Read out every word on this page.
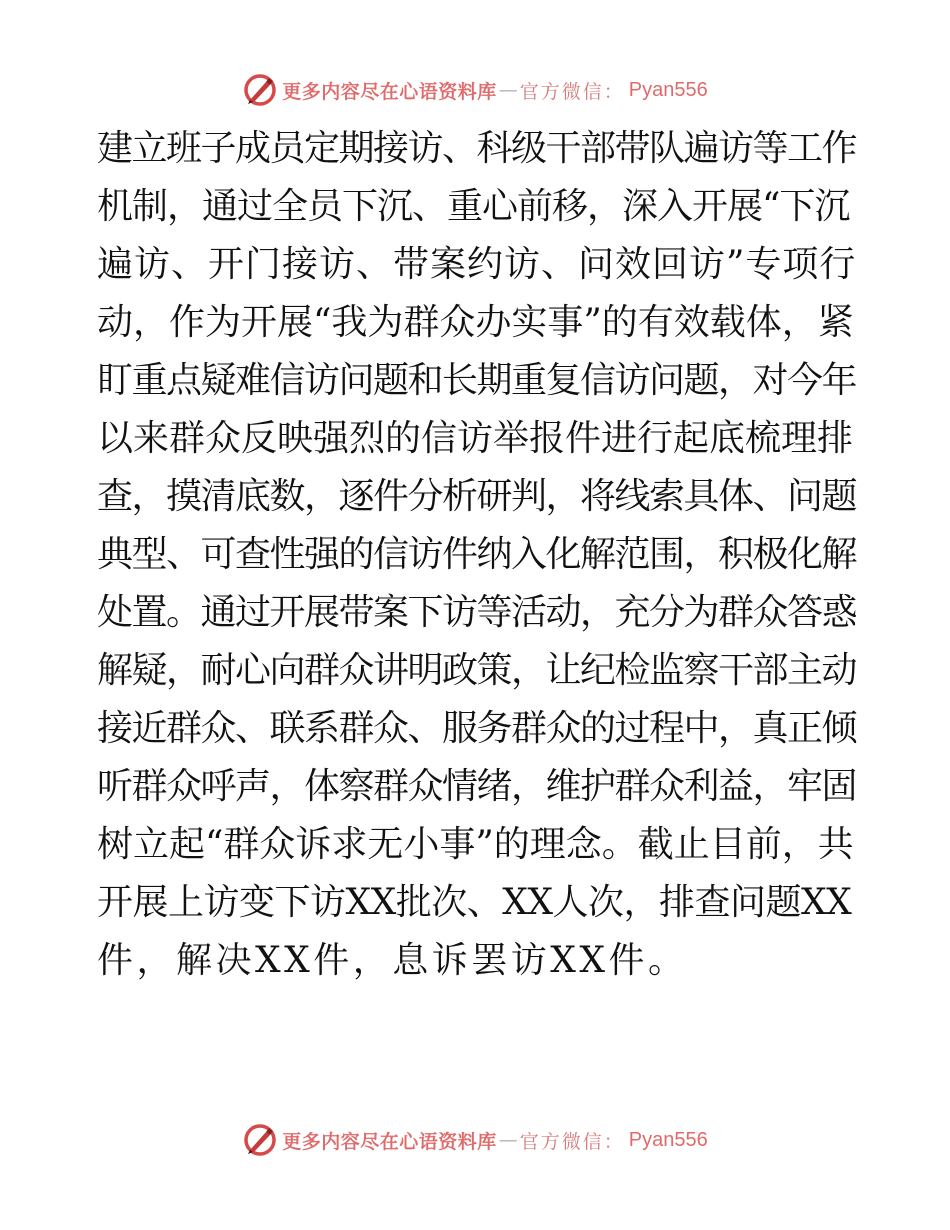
更多内容尽在心语资料库 — 官方微信： Pyan556
建立班子成员定期接访、科级干部带队遍访等工作
机制，通过全员下沉、重心前移，深入开展“下沉
遍访、开门接访、带案约访、问效回访”专项行
动，作为开展“我为群众办实事”的有效载体，紧
盯重点疑难信访问题和长期重复信访问题，对今年
以来群众反映强烈的信访举报件进行起底梳理排
查，摸清底数，逐件分析研判，将线索具体、问题
典型、可查性强的信访件纳入化解范围，积极化解
处置。通过开展带案下访等活动，充分为群众答惑
解疑，耐心向群众讲明政策，让纪检监察干部主动
接近群众、联系群众、服务群众的过程中，真正倾
听群众呼声，体察群众情绪，维护群众利益，牢固
树立起“群众诉求无小事”的理念。截止目前，共
开展上访变下访XX批次、XX人次，排查问题XX
件，解决XX件，息诉罢访XX件。
更多内容尽在心语资料库 — 官方微信： Pyan556
